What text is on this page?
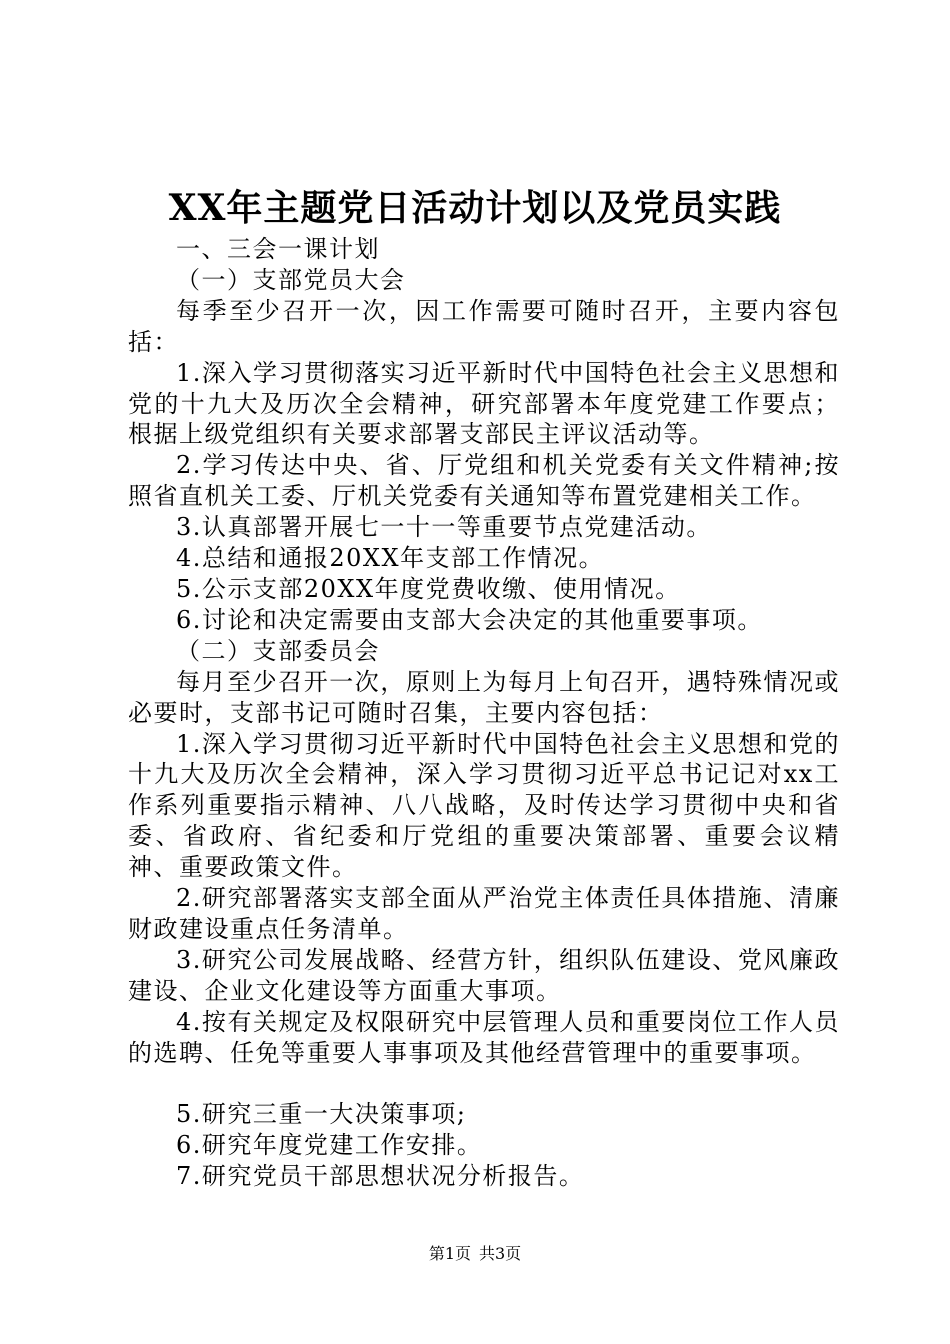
XX年主题党日活动计划以及党员实践

一、三会一课计划

（一）支部党员大会

每季至少召开一次，因工作需要可随时召开，主要内容包括：

1.深入学习贯彻落实习近平新时代中国特色社会主义思想和党的十九大及历次全会精神，研究部署本年度党建工作要点；根据上级党组织有关要求部署支部民主评议活动等。

2.学习传达中央、省、厅党组和机关党委有关文件精神;按照省直机关工委、厅机关党委有关通知等布置党建相关工作。

3.认真部署开展七一十一等重要节点党建活动。

4.总结和通报20XX年支部工作情况。

5.公示支部20XX年度党费收缴、使用情况。

6.讨论和决定需要由支部大会决定的其他重要事项。

（二）支部委员会

每月至少召开一次，原则上为每月上旬召开，遇特殊情况或必要时，支部书记可随时召集，主要内容包括：

1.深入学习贯彻习近平新时代中国特色社会主义思想和党的十九大及历次全会精神，深入学习贯彻习近平总书记记对xx工作系列重要指示精神、八八战略，及时传达学习贯彻中央和省委、省政府、省纪委和厅党组的重要决策部署、重要会议精神、重要政策文件。

2.研究部署落实支部全面从严治党主体责任具体措施、清廉财政建设重点任务清单。

3.研究公司发展战略、经营方针，组织队伍建设、党风廉政建设、企业文化建设等方面重大事项。

4.按有关规定及权限研究中层管理人员和重要岗位工作人员的选聘、任免等重要人事事项及其他经营管理中的重要事项。

5.研究三重一大决策事项;

6.研究年度党建工作安排。

7.研究党员干部思想状况分析报告。

第1页 共3页
